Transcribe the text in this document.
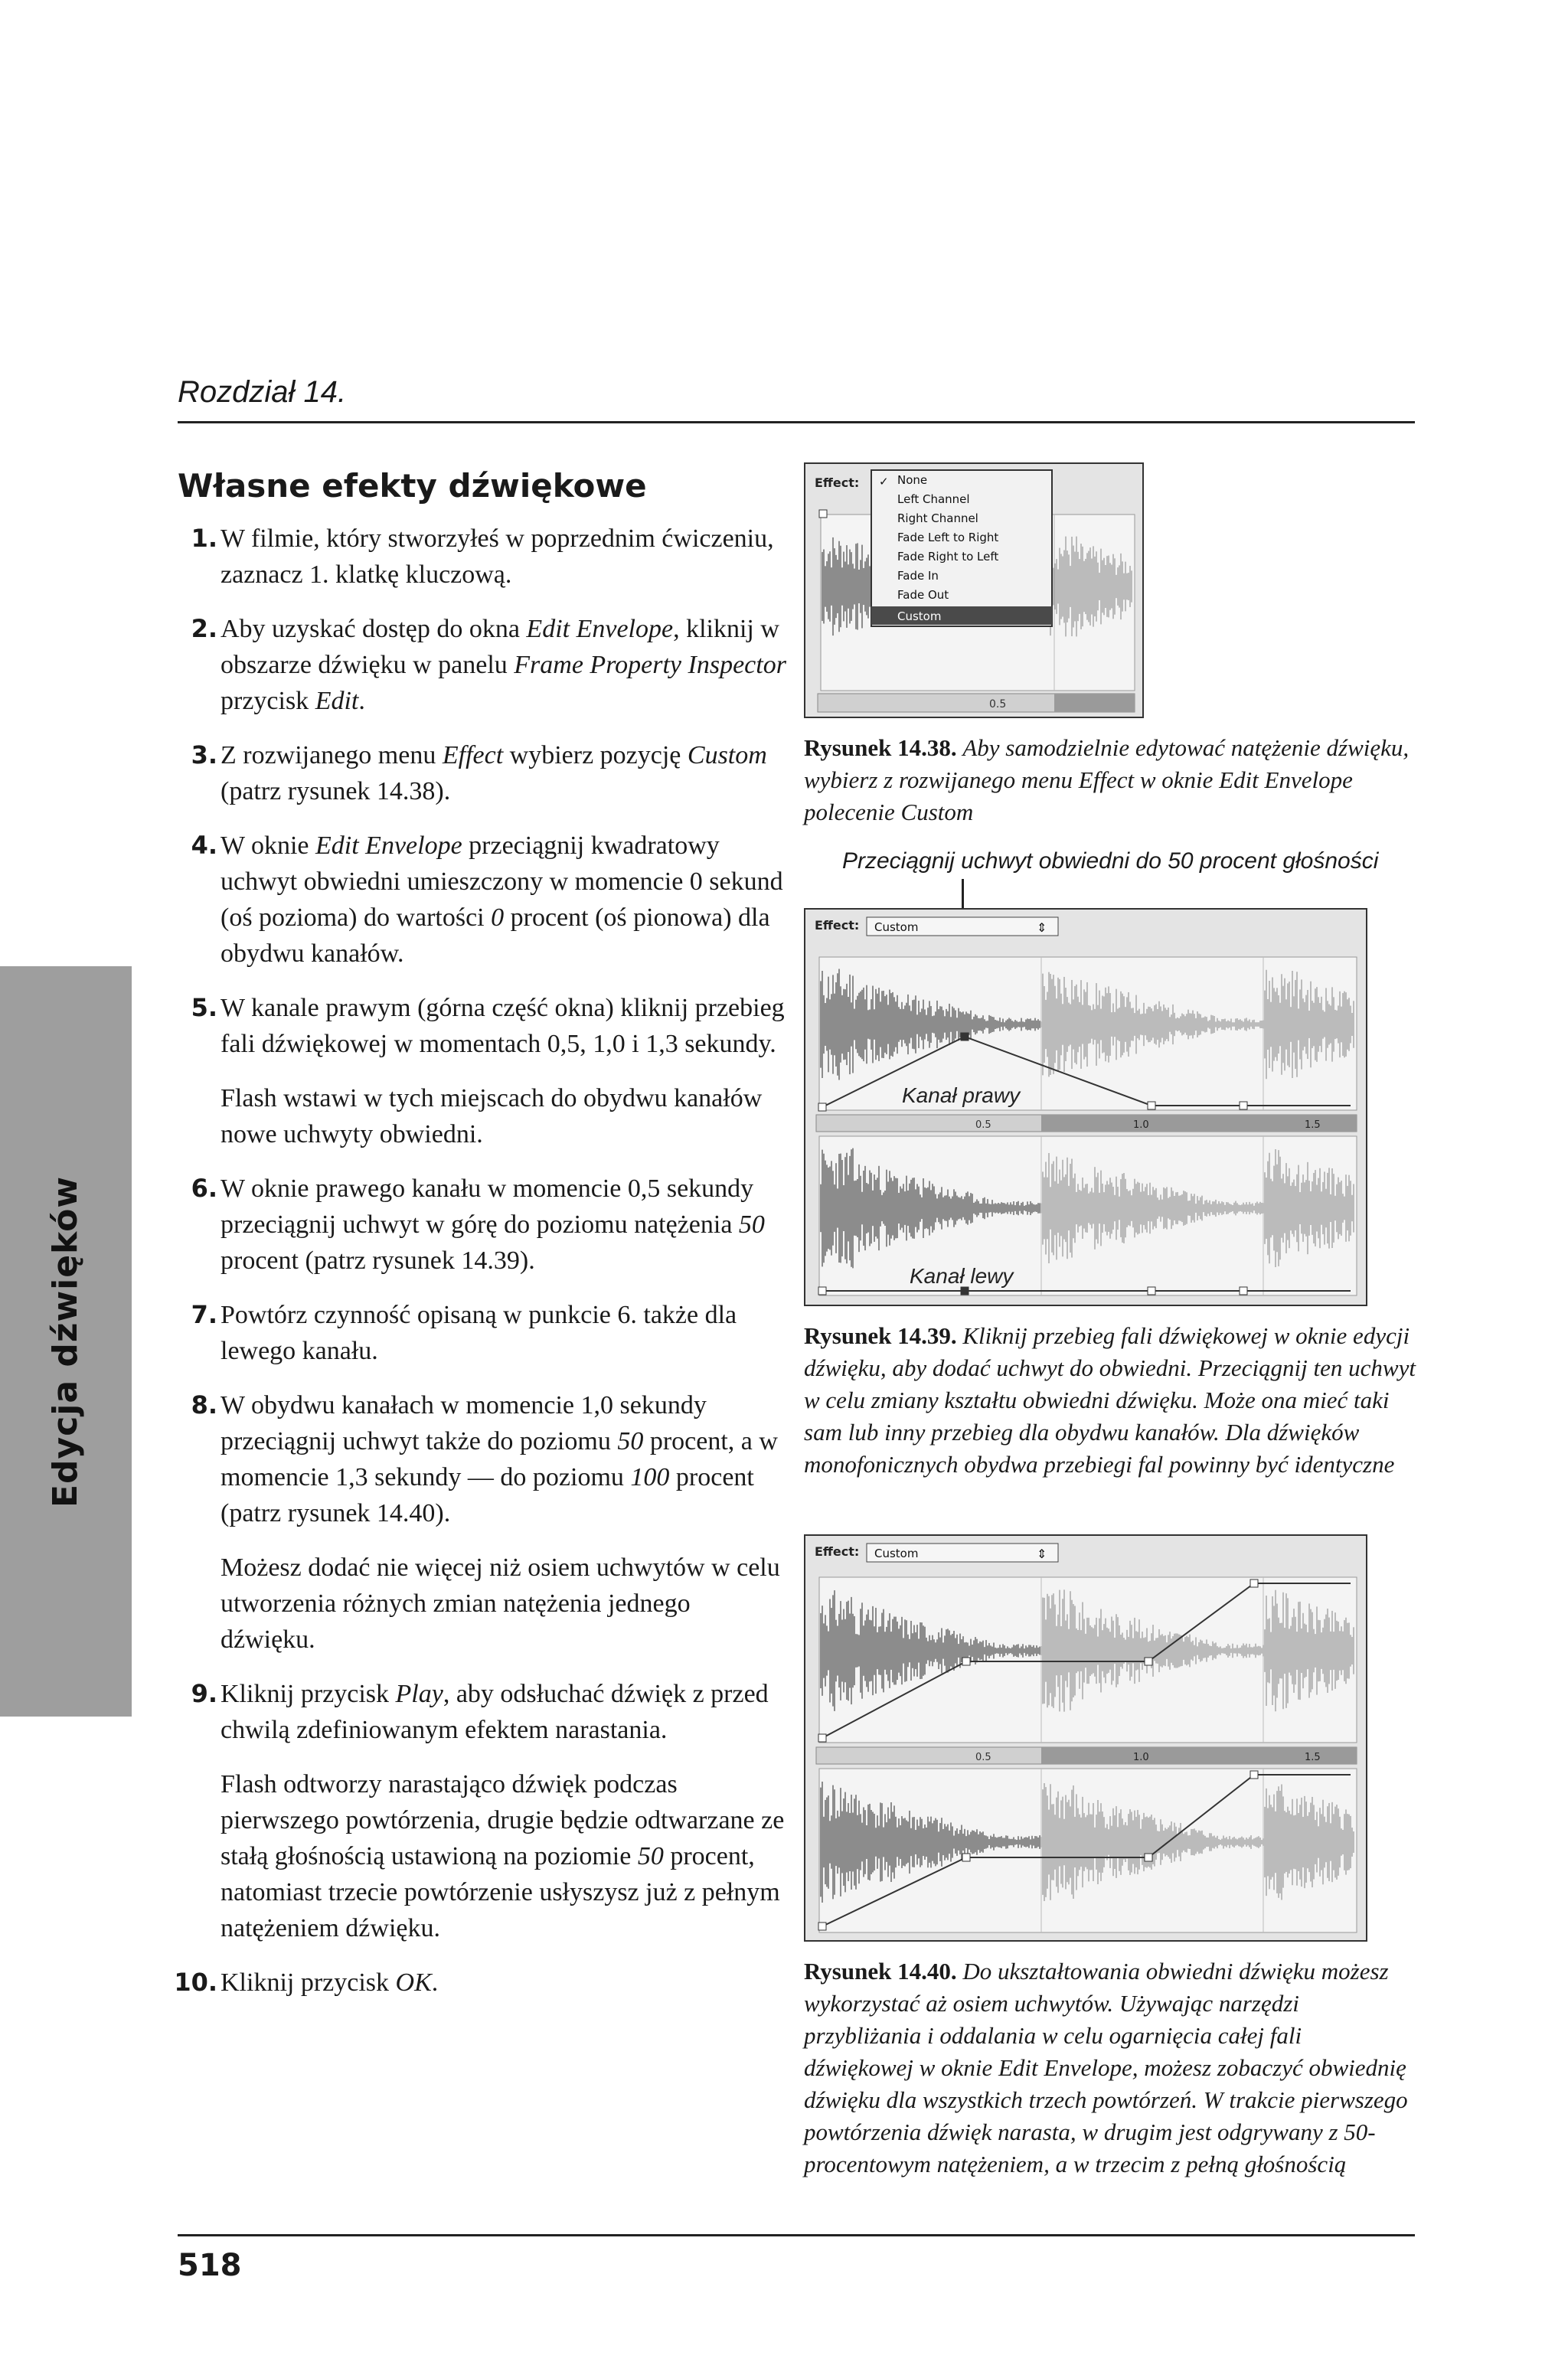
Rozdział 14.
Edycja dźwięków
Własne efekty dźwiękowe
1. W filmie, który stworzyłeś w poprzednim ćwiczeniu, zaznacz 1. klatkę kluczową.
2. Aby uzyskać dostęp do okna Edit Envelope, kliknij w obszarze dźwięku w panelu Frame Property Inspector przycisk Edit.
3. Z rozwijanego menu Effect wybierz pozycję Custom (patrz rysunek 14.38).
4. W oknie Edit Envelope przeciągnij kwadratowy uchwyt obwiedni umieszczony w momencie 0 sekund (oś pozioma) do wartości 0 procent (oś pionowa) dla obydwu kanałów.
5. W kanale prawym (górna część okna) kliknij przebieg fali dźwiękowej w momentach 0,5, 1,0 i 1,3 sekundy.
Flash wstawi w tych miejscach do obydwu kanałów nowe uchwyty obwiedni.
6. W oknie prawego kanału w momencie 0,5 sekundy przeciągnij uchwyt w górę do poziomu natężenia 50 procent (patrz rysunek 14.39).
7. Powtórz czynność opisaną w punkcie 6. także dla lewego kanału.
8. W obydwu kanałach w momencie 1,0 sekundy przeciągnij uchwyt także do poziomu 50 procent, a w momencie 1,3 sekundy — do poziomu 100 procent (patrz rysunek 14.40).
Możesz dodać nie więcej niż osiem uchwytów w celu utworzenia różnych zmian natężenia jednego dźwięku.
9. Kliknij przycisk Play, aby odsłuchać dźwięk z przed chwilą zdefiniowanym efektem narastania.
Flash odtworzy narastająco dźwięk podczas pierwszego powtórzenia, drugie będzie odtwarzane ze stałą głośnością ustawioną na poziomie 50 procent, natomiast trzecie powtórzenie usłyszysz już z pełnym natężeniem dźwięku.
10. Kliknij przycisk OK.
0.5
Effect: ✓ None
Left Channel
Right Channel
Fade Left to Right
Fade Right to Left
Fade In
Fade Out
Custom
Rysunek 14.38. Aby samodzielnie edytować natężenie dźwięku, wybierz z rozwijanego menu Effect w oknie Edit Envelope polecenie Custom
Przeciągnij uchwyt obwiedni do 50 procent głośności
Effect: Custom	⇕
Kanał prawy
0.5	1.0	1.5
Kanał lewy
Rysunek 14.39. Kliknij przebieg fali dźwiękowej w oknie edycji dźwięku, aby dodać uchwyt do obwiedni. Przeciągnij ten uchwyt w celu zmiany kształtu obwiedni dźwięku. Może ona mieć taki sam lub inny przebieg dla obydwu kanałów. Dla dźwięków monofonicznych obydwa przebiegi fal powinny być identyczne
Effect: Custom	⇕
0.5	1.0	1.5
Rysunek 14.40. Do ukształtowania obwiedni dźwięku możesz wykorzystać aż osiem uchwytów. Używając narzędzi przybliżania i oddalania w celu ogarnięcia całej fali dźwiękowej w oknie Edit Envelope, możesz zobaczyć obwiednię dźwięku dla wszystkich trzech powtórzeń. W trakcie pierwszego powtórzenia dźwięk narasta, w drugim jest odgrywany z 50-procentowym natężeniem, a w trzecim z pełną głośnością
518
